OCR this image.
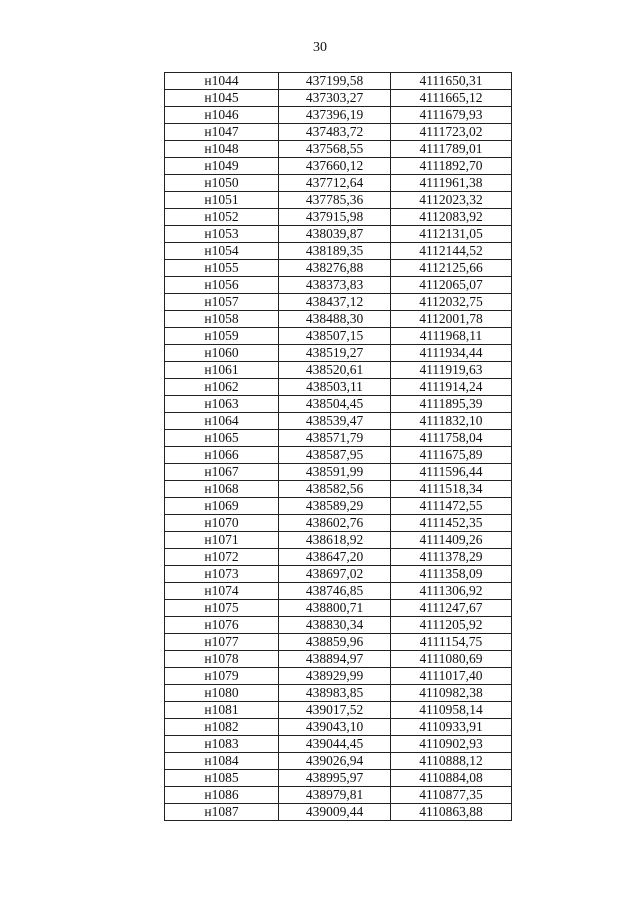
30
н1044	437199,58	4111650,31
н1045	437303,27	4111665,12
н1046	437396,19	4111679,93
н1047	437483,72	4111723,02
н1048	437568,55	4111789,01
н1049	437660,12	4111892,70
н1050	437712,64	4111961,38
н1051	437785,36	4112023,32
н1052	437915,98	4112083,92
н1053	438039,87	4112131,05
н1054	438189,35	4112144,52
н1055	438276,88	4112125,66
н1056	438373,83	4112065,07
н1057	438437,12	4112032,75
н1058	438488,30	4112001,78
н1059	438507,15	4111968,11
н1060	438519,27	4111934,44
н1061	438520,61	4111919,63
н1062	438503,11	4111914,24
н1063	438504,45	4111895,39
н1064	438539,47	4111832,10
н1065	438571,79	4111758,04
н1066	438587,95	4111675,89
н1067	438591,99	4111596,44
н1068	438582,56	4111518,34
н1069	438589,29	4111472,55
н1070	438602,76	4111452,35
н1071	438618,92	4111409,26
н1072	438647,20	4111378,29
н1073	438697,02	4111358,09
н1074	438746,85	4111306,92
н1075	438800,71	4111247,67
н1076	438830,34	4111205,92
н1077	438859,96	4111154,75
н1078	438894,97	4111080,69
н1079	438929,99	4111017,40
н1080	438983,85	4110982,38
н1081	439017,52	4110958,14
н1082	439043,10	4110933,91
н1083	439044,45	4110902,93
н1084	439026,94	4110888,12
н1085	438995,97	4110884,08
н1086	438979,81	4110877,35
н1087	439009,44	4110863,88
